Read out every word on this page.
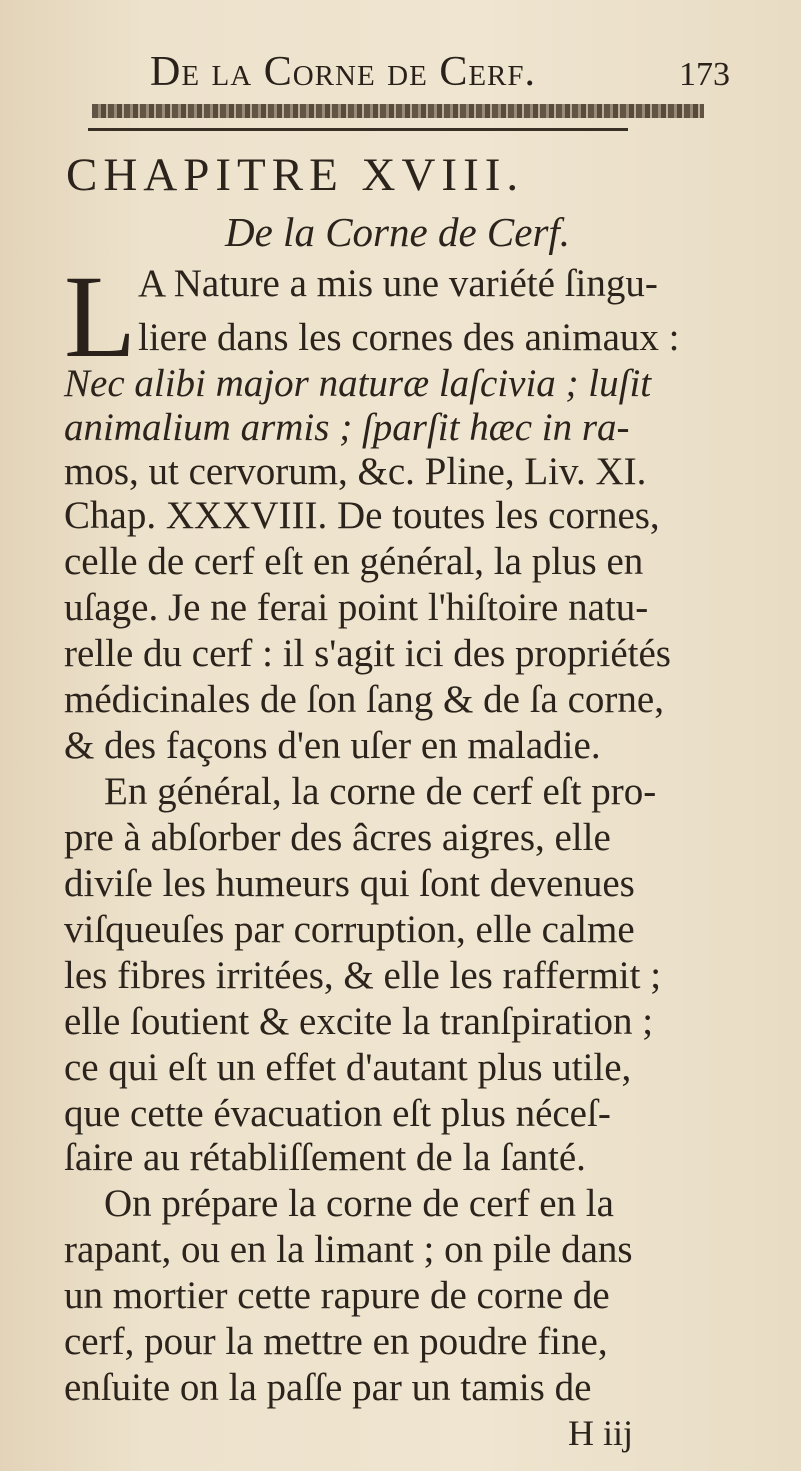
De la Corne de Cerf.	173
CHAPITRE XVIII.
De la Corne de Cerf.
L A Nature a mis une variété ſingu-
liere dans les cornes des animaux :
Nec alibi major naturæ laſcivia ; luſit
animalium armis ; ſparſit hæc in ra-
mos, ut cervorum, &c. Pline, Liv. XI.
Chap. XXXVIII. De toutes les cornes,
celle de cerf eſt en général, la plus en
uſage. Je ne ferai point l'hiſtoire natu-
relle du cerf : il s'agit ici des propriétés
médicinales de ſon ſang & de ſa corne,
& des façons d'en uſer en maladie.
En général, la corne de cerf eſt pro-
pre à abſorber des âcres aigres, elle
diviſe les humeurs qui ſont devenues
viſqueuſes par corruption, elle calme
les fibres irritées, & elle les raffermit ;
elle ſoutient & excite la tranſpiration ;
ce qui eſt un effet d'autant plus utile,
que cette évacuation eſt plus néceſ-
ſaire au rétabliſſement de la ſanté.
On prépare la corne de cerf en la
rapant, ou en la limant ; on pile dans
un mortier cette rapure de corne de
cerf, pour la mettre en poudre fine,
enſuite on la paſſe par un tamis de
H iij
